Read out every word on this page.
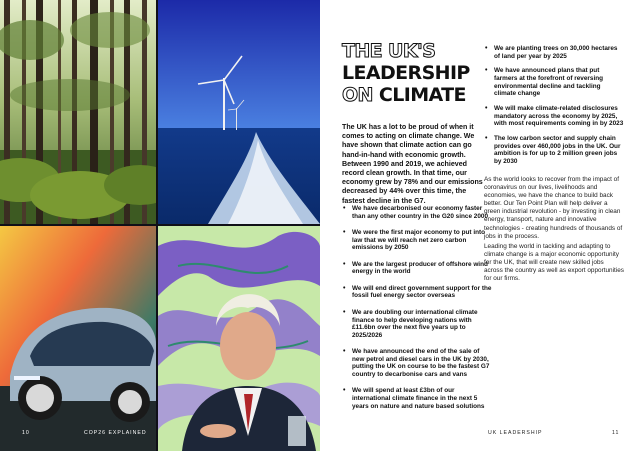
10	COP26 EXPLAINED
THE UK'S
LEADERSHIP
ON CLIMATE

The UK has a lot to be proud of when it comes to acting on climate change. We have shown that climate action can go hand-in-hand with economic growth. Between 1990 and 2019, we achieved record clean growth. In that time, our economy grew by 78% and our emissions decreased by 44% over this time, the fastest decline in the G7.

• We have decarbonised our economy faster than any other country in the G20 since 2000
• We were the first major economy to put into law that we will reach net zero carbon emissions by 2050
• We are the largest producer of offshore wind energy in the world
• We will end direct government support for the fossil fuel energy sector overseas
• We are doubling our international climate finance to help developing nations with £11.6bn over the next five years up to 2025/2026
• We have announced the end of the sale of new petrol and diesel cars in the UK by 2030, putting the UK on course to be the fastest G7 country to decarbonise cars and vans
• We will spend at least £3bn of our international climate finance in the next 5 years on nature and nature based solutions
• We are planting trees on 30,000 hectares of land per year by 2025
• We have announced plans that put farmers at the forefront of reversing environmental decline and tackling climate change
• We will make climate-related disclosures mandatory across the economy by 2025, with most requirements coming in by 2023
• The low carbon sector and supply chain provides over 460,000 jobs in the UK. Our ambition is for up to 2 million green jobs by 2030

As the world looks to recover from the impact of coronavirus on our lives, livelihoods and economies, we have the chance to build back better. Our Ten Point Plan will help deliver a green industrial revolution - by investing in clean energy, transport, nature and innovative technologies - creating hundreds of thousands of jobs in the process.

Leading the world in tackling and adapting to climate change is a major economic opportunity for the UK, that will create new skilled jobs across the country as well as export opportunities for our firms.

UK LEADERSHIP	11
